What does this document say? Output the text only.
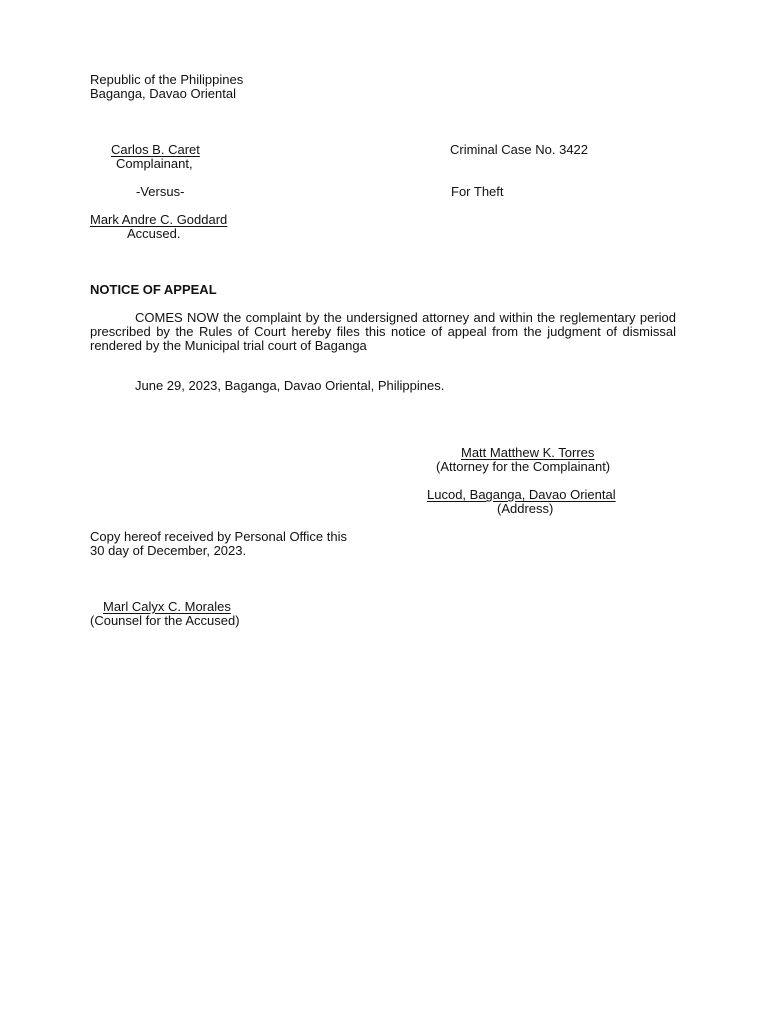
Republic of the Philippines
Baganga, Davao Oriental
Carlos B. Caret
Complainant,
-Versus-
Mark Andre C. Goddard
Accused.
Criminal Case No. 3422
For Theft
NOTICE OF APPEAL
COMES NOW the complaint by the undersigned attorney and within the reglementary period prescribed by the Rules of Court hereby files this notice of appeal from the judgment of dismissal rendered by the Municipal trial court of Baganga
June 29, 2023, Baganga, Davao Oriental, Philippines.
Matt Matthew K. Torres
(Attorney for the Complainant)
Lucod, Baganga, Davao Oriental
(Address)
Copy hereof received by Personal Office this
30 day of December, 2023.
Marl Calyx C. Morales
(Counsel for the Accused)
